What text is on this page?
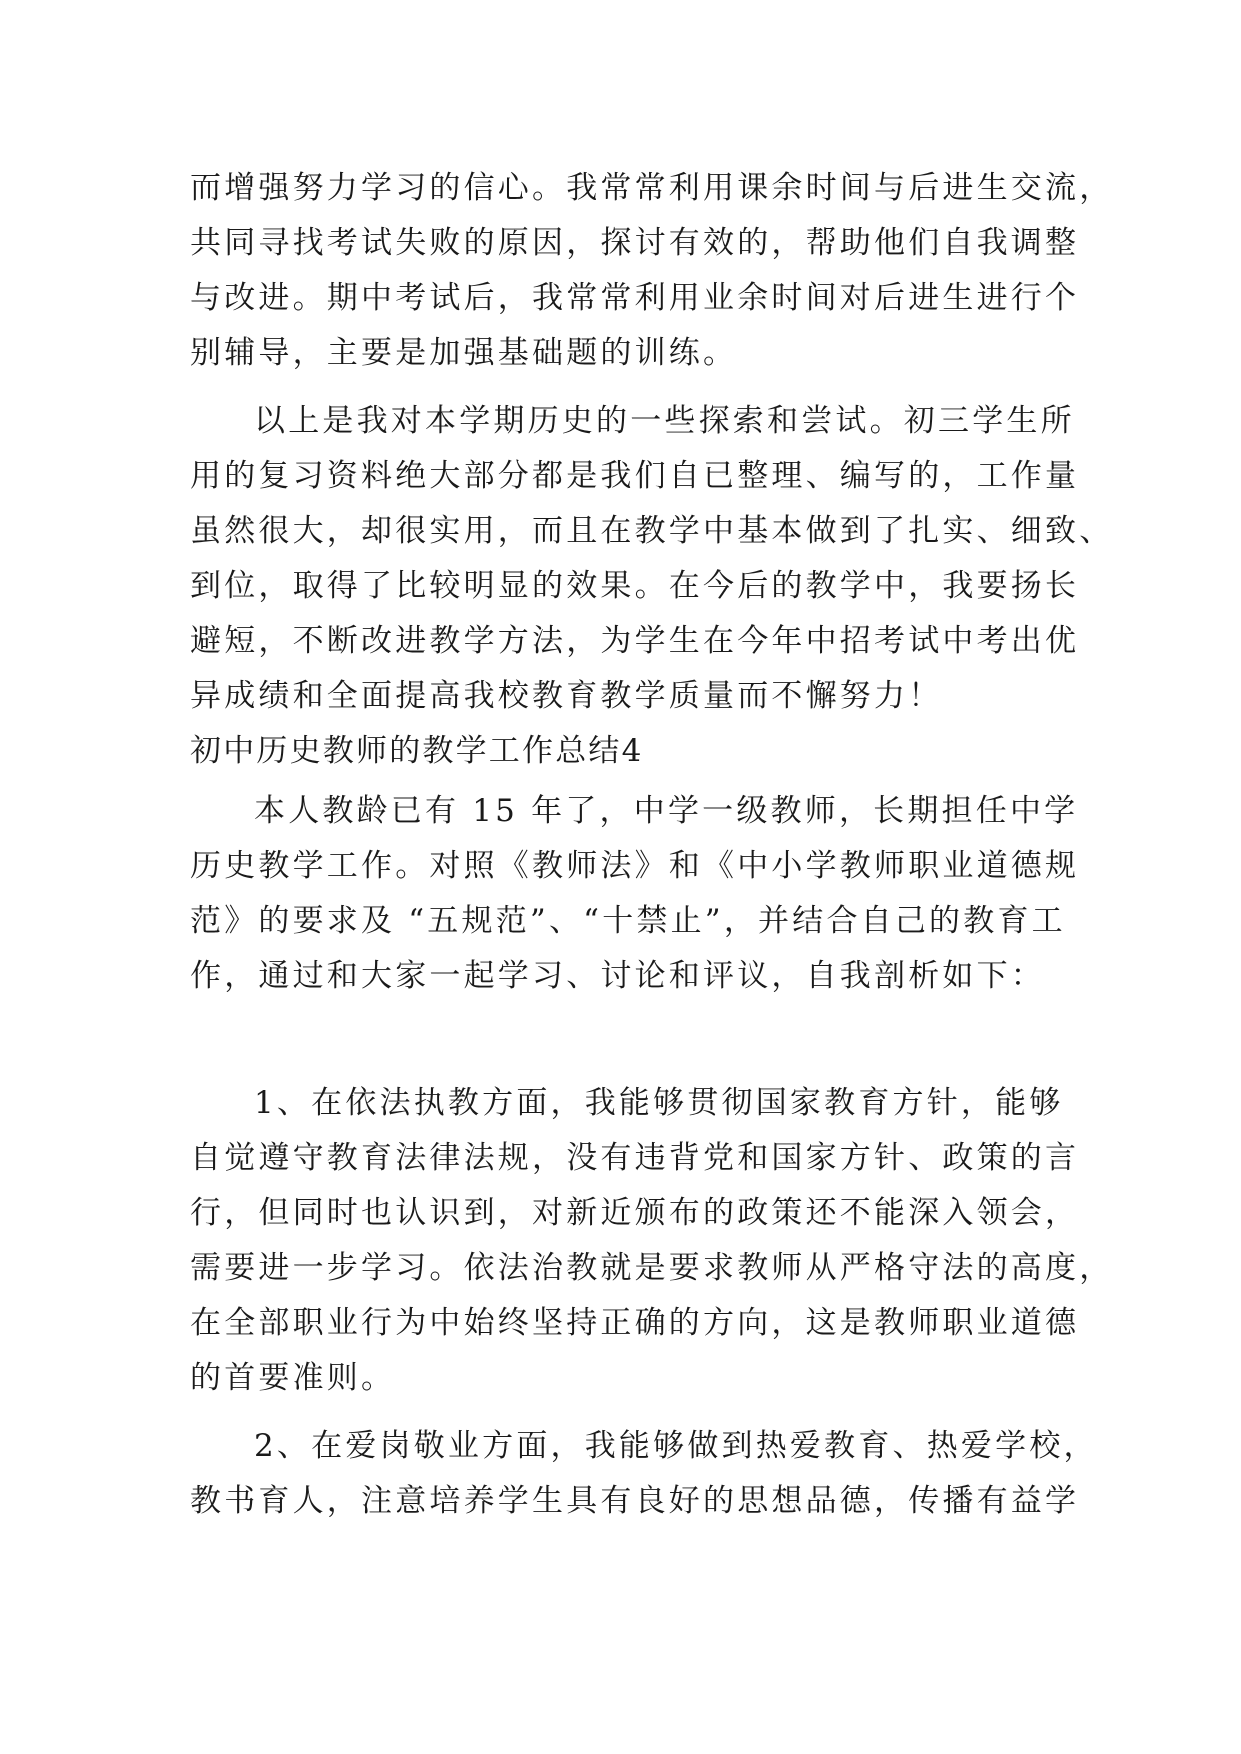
而增强努力学习的信心。我常常利用课余时间与后进生交流，
共同寻找考试失败的原因，探讨有效的，帮助他们自我调整
与改进。期中考试后，我常常利用业余时间对后进生进行个
别辅导，主要是加强基础题的训练。
以上是我对本学期历史的一些探索和尝试。初三学生所
用的复习资料绝大部分都是我们自已整理、编写的，工作量
虽然很大，却很实用，而且在教学中基本做到了扎实、细致、
到位，取得了比较明显的效果。在今后的教学中，我要扬长
避短，不断改进教学方法，为学生在今年中招考试中考出优
异成绩和全面提高我校教育教学质量而不懈努力！
初中历史教师的教学工作总结4
本人教龄已有 15 年了，中学一级教师，长期担任中学
历史教学工作。对照《教师法》和《中小学教师职业道德规
范》的要求及 “五规范”、“十禁止”，并结合自己的教育工
作，通过和大家一起学习、讨论和评议，自我剖析如下：
1、在依法执教方面，我能够贯彻国家教育方针，能够
自觉遵守教育法律法规，没有违背党和国家方针、政策的言
行，但同时也认识到，对新近颁布的政策还不能深入领会，
需要进一步学习。依法治教就是要求教师从严格守法的高度，
在全部职业行为中始终坚持正确的方向，这是教师职业道德
的首要准则。
2、在爱岗敬业方面，我能够做到热爱教育、热爱学校，
教书育人，注意培养学生具有良好的思想品德，传播有益学
